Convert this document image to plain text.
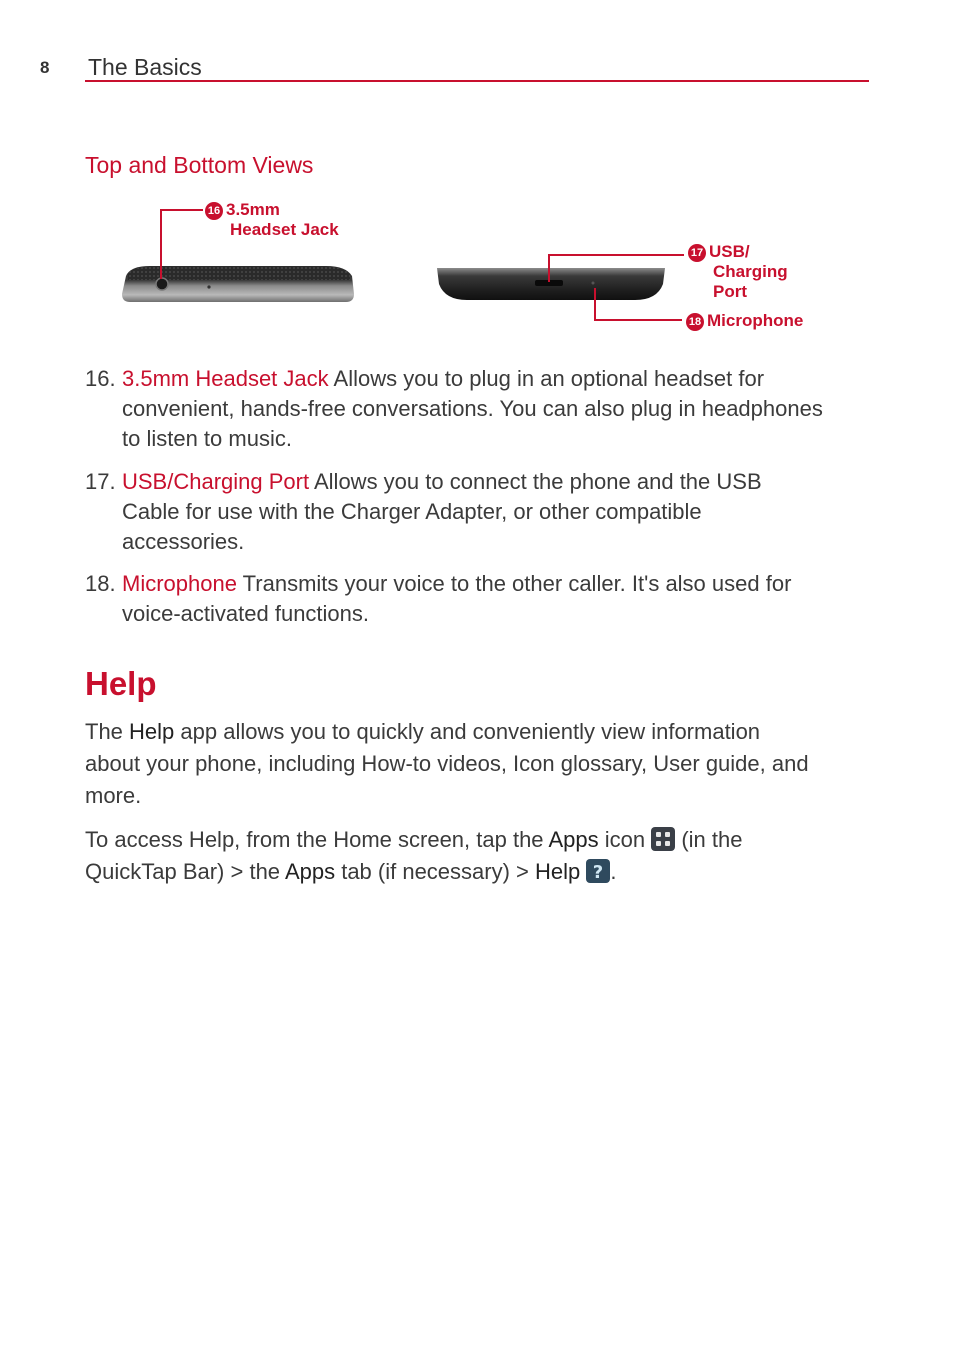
8 The Basics
Top and Bottom Views
16 3.5mm
Headset Jack
17 USB/
Charging
Port
18 Microphone
16. 3.5mm Headset Jack Allows you to plug in an optional headset for
convenient, hands-free conversations. You can also plug in headphones
to listen to music.
17. USB/Charging Port Allows you to connect the phone and the USB
Cable for use with the Charger Adapter, or other compatible
accessories.
18. Microphone Transmits your voice to the other caller. It's also used for
voice-activated functions.
Help
The Help app allows you to quickly and conveniently view information
about your phone, including How-to videos, Icon glossary, User guide, and
more.
To access Help, from the Home screen, tap the Apps icon
(in the
QuickTap Bar) > the Apps tab (if necessary) > Help ? .
